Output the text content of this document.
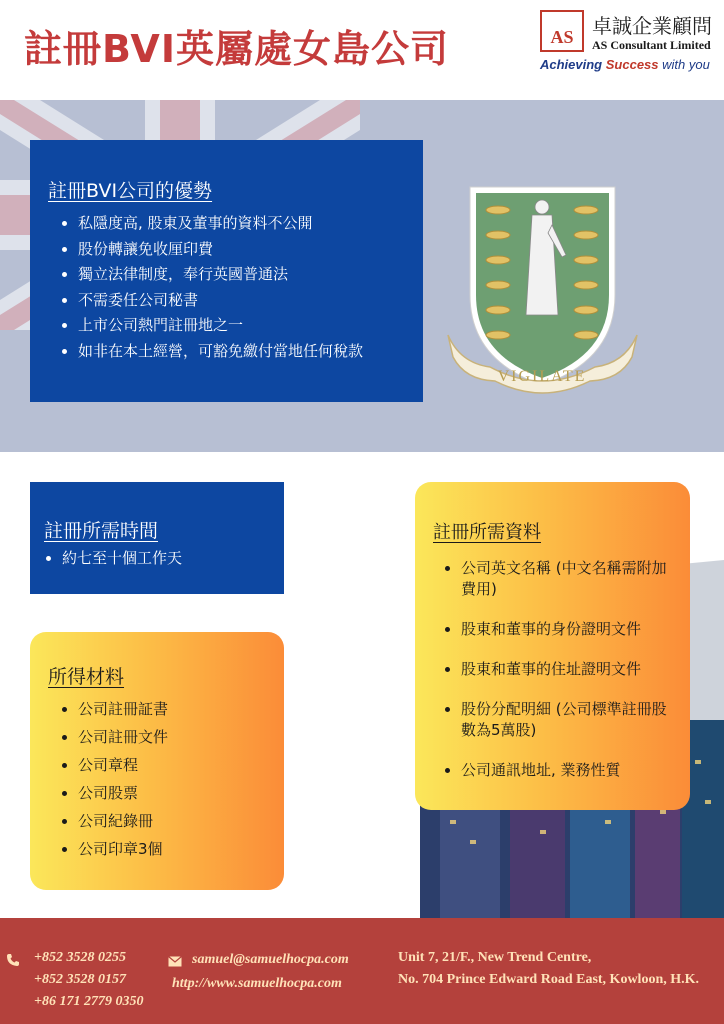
註冊BVI英屬處女島公司	AS 卓誠企業顧問
AS Consultant Limited
Achieving Success with you
註冊BVI公司的優勢
• 私隱度高, 股東及董事的資料不公開
• 股份轉讓免收厘印費
• 獨立法律制度，奉行英國普通法
• 不需委任公司秘書
• 上市公司熱門註冊地之一
• 如非在本土經營，可豁免繳付當地任何稅款
VIGILATE
註冊所需時間
• 約七至十個工作天
所得材料
• 公司註冊証書
• 公司註冊文件
• 公司章程
• 公司股票
• 公司紀錄冊
• 公司印章3個
註冊所需資料
• 公司英文名稱 (中文名稱需附加費用)
• 股東和董事的身份證明文件
• 股東和董事的住址證明文件
• 股份分配明細 (公司標準註冊股數為5萬股)
• 公司通訊地址, 業務性質
+852 3528 0255
+852 3528 0157
+86 171 2779 0350
samuel@samuelhocpa.com
http://www.samuelhocpa.com
Unit 7, 21/F., New Trend Centre,
No. 704 Prince Edward Road East, Kowloon, H.K.
